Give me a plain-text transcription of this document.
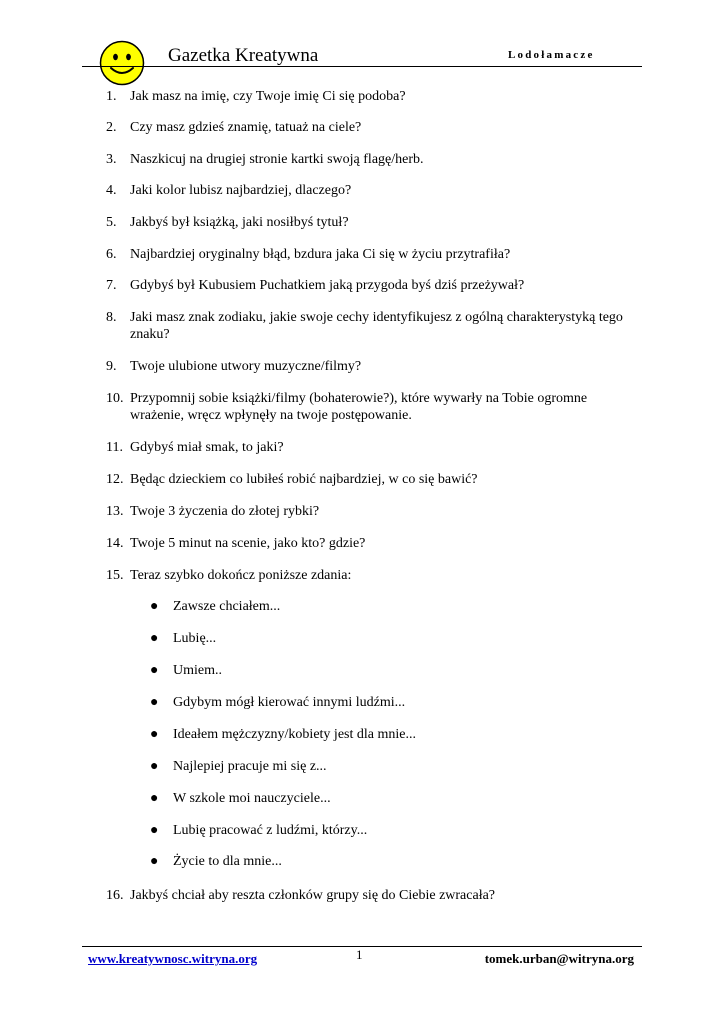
Gazetka Kreatywna	Lodołamacze
1. Jak masz na imię, czy Twoje imię Ci się podoba?
2. Czy masz gdzieś znamię, tatuaż na ciele?
3. Naszkicuj na drugiej stronie kartki swoją flagę/herb.
4. Jaki kolor lubisz najbardziej, dlaczego?
5. Jakbyś był książką, jaki nosiłbyś tytuł?
6. Najbardziej oryginalny błąd, bzdura jaka Ci się w życiu przytrafiła?
7. Gdybyś był Kubusiem Puchatkiem jaką przygoda byś dziś przeżywał?
8. Jaki masz znak zodiaku, jakie swoje cechy identyfikujesz z ogólną charakterystyką tego znaku?
9. Twoje ulubione utwory muzyczne/filmy?
10. Przypomnij sobie książki/filmy (bohaterowie?), które wywarły na Tobie ogromne wrażenie, wręcz wpłynęły na twoje postępowanie.
11. Gdybyś miał smak, to jaki?
12. Będąc dzieckiem co lubiłeś robić najbardziej, w co się bawić?
13. Twoje 3 życzenia do złotej rybki?
14. Twoje 5 minut na scenie, jako kto? gdzie?
15. Teraz szybko dokończ poniższe zdania:
● Zawsze chciałem...
● Lubię...
● Umiem..
● Gdybym mógł kierować innymi ludźmi...
● Ideałem mężczyzny/kobiety jest dla mnie...
● Najlepiej pracuje mi się z...
● W szkole moi nauczyciele...
● Lubię pracować z ludźmi, którzy...
● Życie to dla mnie...
16. Jakbyś chciał aby reszta członków grupy się do Ciebie zwracała?
www.kreatywnosc.witryna.org	1	tomek.urban@witryna.org
